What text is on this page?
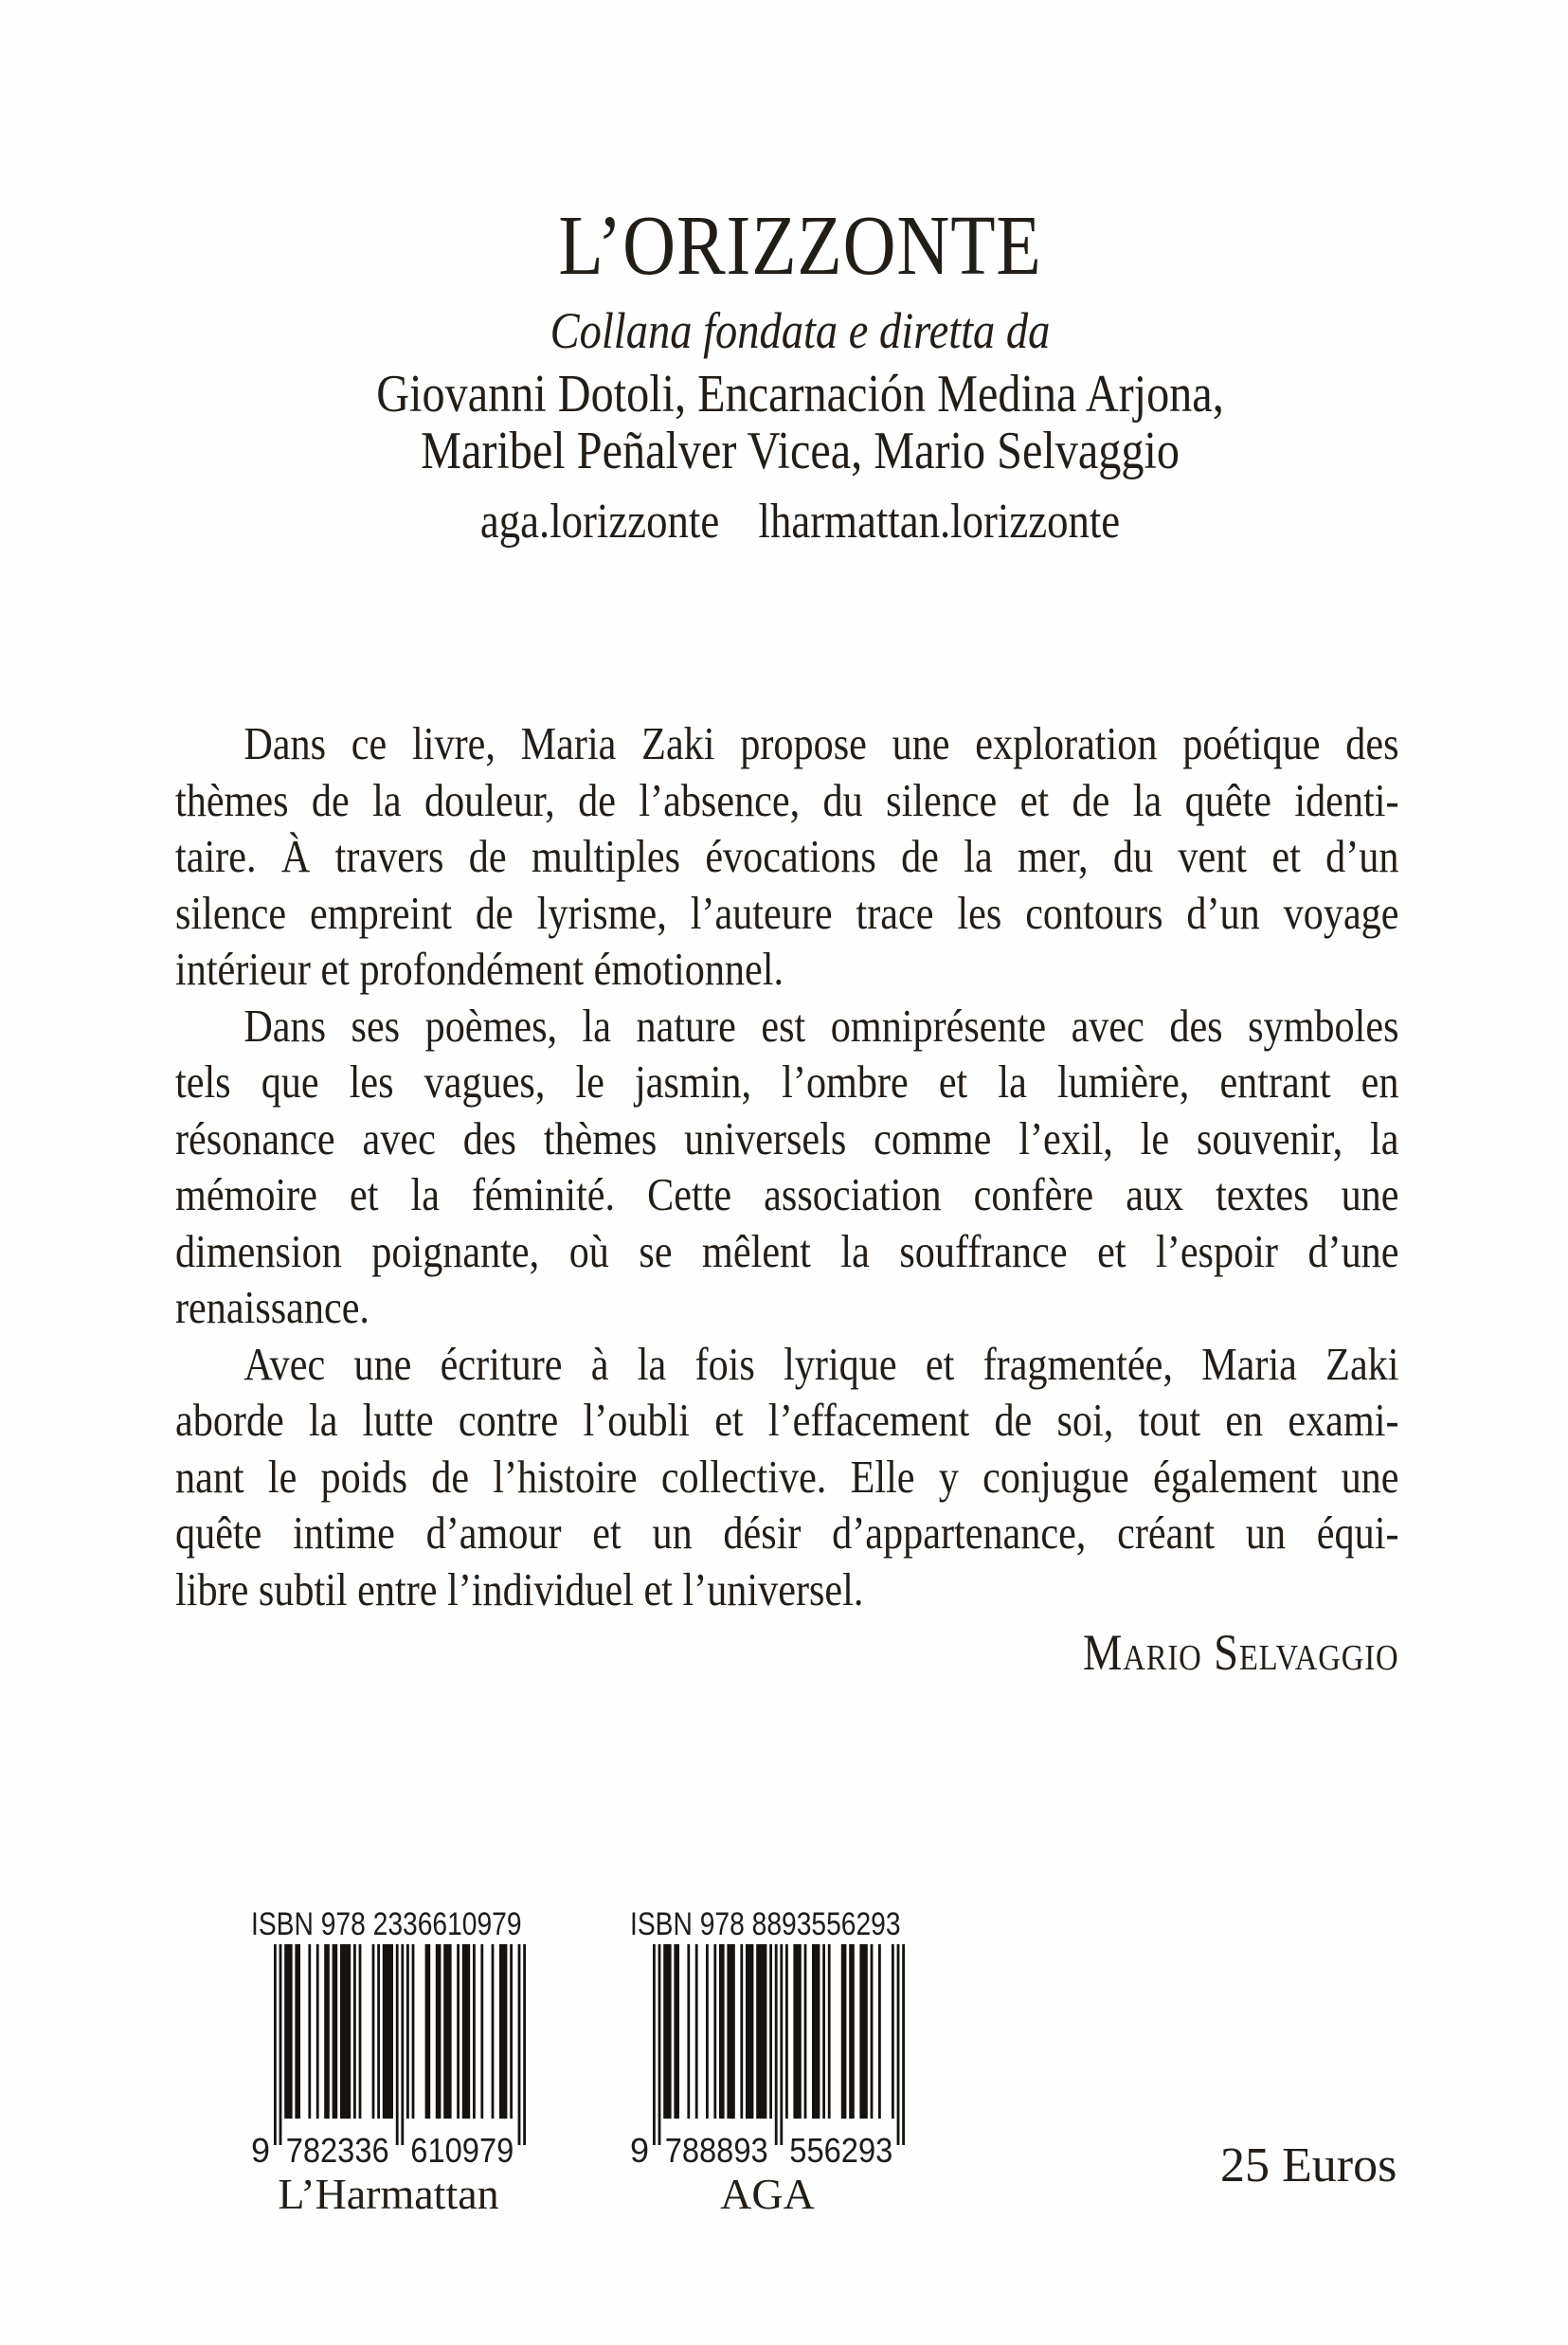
L’ORIZZONTE
Collana fondata e diretta da
Giovanni Dotoli, Encarnación Medina Arjona,
Maribel Peñalver Vicea, Mario Selvaggio
aga.lorizzonte lharmattan.lorizzonte
Dans ce livre, Maria Zaki propose une exploration poétique des
thèmes de la douleur, de l’absence, du silence et de la quête identi-
taire. À travers de multiples évocations de la mer, du vent et d’un
silence empreint de lyrisme, l’auteure trace les contours d’un voyage
intérieur et profondément émotionnel.
Dans ses poèmes, la nature est omniprésente avec des symboles
tels que les vagues, le jasmin, l’ombre et la lumière, entrant en
résonance avec des thèmes universels comme l’exil, le souvenir, la
mémoire et la féminité. Cette association confère aux textes une
dimension poignante, où se mêlent la souffrance et l’espoir d’une
renaissance.
Avec une écriture à la fois lyrique et fragmentée, Maria Zaki
aborde la lutte contre l’oubli et l’effacement de soi, tout en exami-
nant le poids de l’histoire collective. Elle y conjugue également une
quête intime d’amour et un désir d’appartenance, créant un équi-
libre subtil entre l’individuel et l’universel.
Mario Selvaggio
ISBN 978 2336610979
9 782336 610979
L’Harmattan
ISBN 978 8893556293
9 788893 556293
AGA
25 Euros
